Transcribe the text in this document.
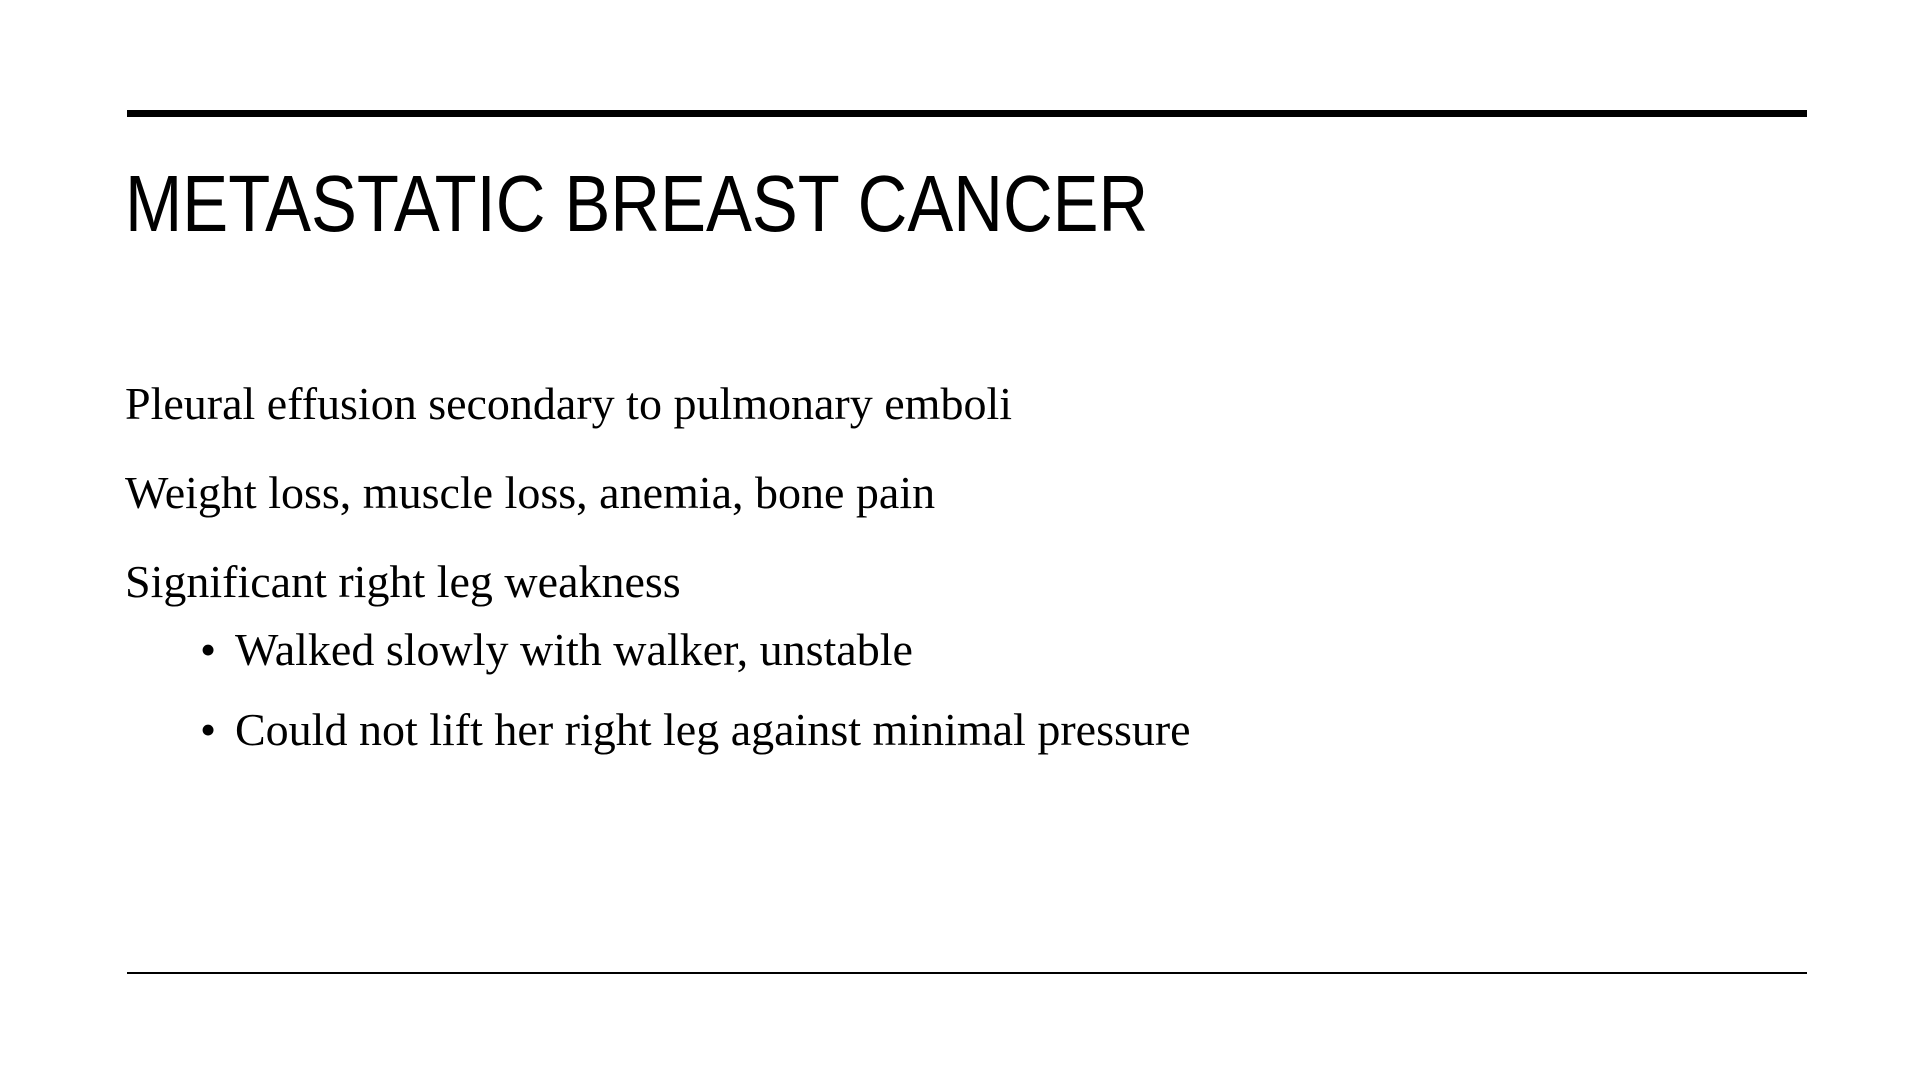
METASTATIC BREAST CANCER

Pleural effusion secondary to pulmonary emboli

Weight loss, muscle loss, anemia, bone pain

Significant right leg weakness

• Walked slowly with walker, unstable
• Could not lift her right leg against minimal pressure
